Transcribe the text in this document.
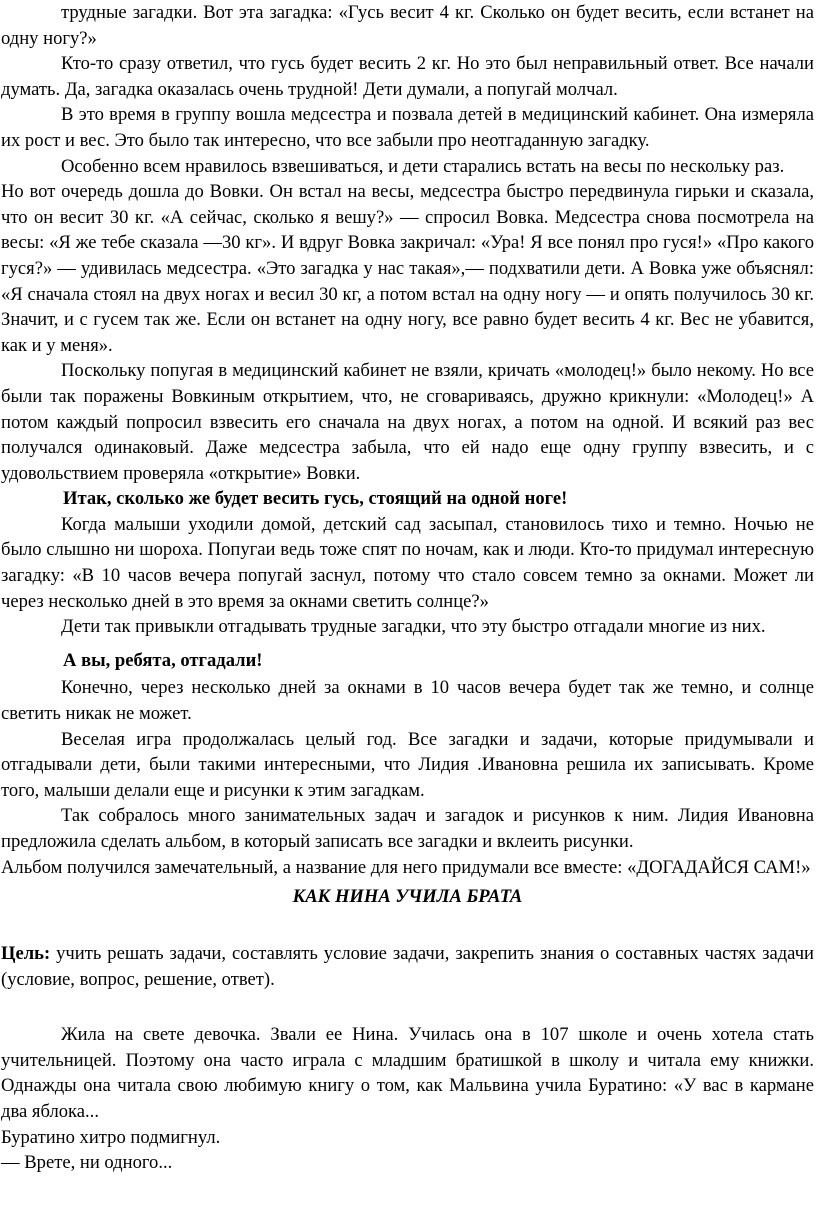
трудные загадки. Вот эта загадка: «Гусь весит 4 кг. Сколько он будет весить, если встанет на одну ногу?»

Кто-то сразу ответил, что гусь будет весить 2 кг. Но это был неправильный ответ. Все начали думать. Да, загадка оказалась очень трудной! Дети думали, а попугай молчал.

В это время в группу вошла медсестра и позвала детей в медицинский кабинет. Она измеряла их рост и вес. Это было так интересно, что все забыли про неотгаданную загадку.

Особенно всем нравилось взвешиваться, и дети старались встать на весы по нескольку раз.

Но вот очередь дошла до Вовки. Он встал на весы, медсестра быстро передвинула гирьки и сказала, что он весит 30 кг. «А сейчас, сколько я вешу?» — спросил Вовка. Медсестра снова посмотрела на весы: «Я же тебе сказала —30 кг». И вдруг Вовка закричал: «Ура! Я все понял про гуся!» «Про какого гуся?» — удивилась медсестра. «Это загадка у нас такая»,— подхватили дети. А Вовка уже объяснял: «Я сначала стоял на двух ногах и весил 30 кг, а потом встал на одну ногу — и опять получилось 30 кг. Значит, и с гусем так же. Если он встанет на одну ногу, все равно будет весить 4 кг. Вес не убавится, как и у меня».

Поскольку попугая в медицинский кабинет не взяли, кричать «молодец!» было некому. Но все были так поражены Вовкиным открытием, что, не сговариваясь, дружно крикнули: «Молодец!» А потом каждый попросил взвесить его сначала на двух ногах, а потом на одной. И всякий раз вес получался одинаковый. Даже медсестра забыла, что ей надо еще одну группу взвесить, и с удовольствием проверяла «открытие» Вовки.

Итак, сколько же будет весить гусь, стоящий на одной ноге!

Когда малыши уходили домой, детский сад засыпал, становилось тихо и темно. Ночью не было слышно ни шороха. Попугаи ведь тоже спят по ночам, как и люди. Кто-то придумал интересную загадку: «В 10 часов вечера попугай заснул, потому что стало совсем темно за окнами. Может ли через несколько дней в это время за окнами светить солнце?»

Дети так привыкли отгадывать трудные загадки, что эту быстро отгадали многие из них.

А вы, ребята, отгадали!

Конечно, через несколько дней за окнами в 10 часов вечера будет так же темно, и солнце светить никак не может.

Веселая игра продолжалась целый год. Все загадки и задачи, которые придумывали и отгадывали дети, были такими интересными, что Лидия .Ивановна решила их записывать. Кроме того, малыши делали еще и рисунки к этим загадкам.

Так собралось много занимательных задач и загадок и рисунков к ним. Лидия Ивановна предложила сделать альбом, в который записать все загадки и вклеить рисунки.

Альбом получился замечательный, а название для него придумали все вместе: «ДОГАДАЙСЯ САМ!»

КАК НИНА УЧИЛА БРАТА

Цель: учить решать задачи, составлять условие задачи, закрепить знания о составных частях задачи (условие, вопрос, решение, ответ).

Жила на свете девочка. Звали ее Нина. Училась она в 107 школе и очень хотела стать учительницей. Поэтому она часто играла с младшим братишкой в школу и читала ему книжки. Однажды она читала свою любимую книгу о том, как Мальвина учила Буратино: «У вас в кармане два яблока...

Буратино хитро подмигнул.

— Врете, ни одного...
